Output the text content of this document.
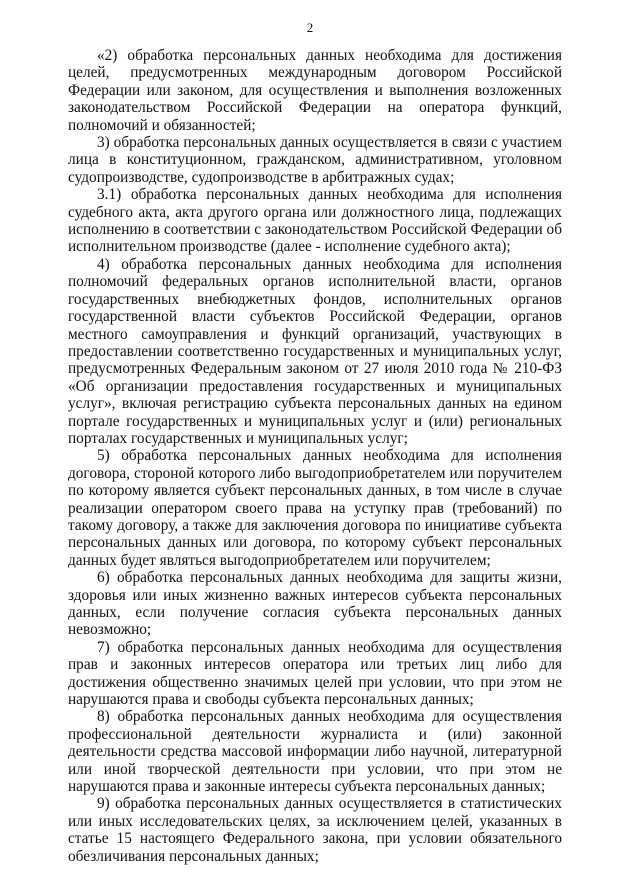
2

«2) обработка персональных данных необходима для достижения целей, предусмотренных международным договором Российской Федерации или законом, для осуществления и выполнения возложенных законодательством Российской Федерации на оператора функций, полномочий и обязанностей;

3) обработка персональных данных осуществляется в связи с участием лица в конституционном, гражданском, административном, уголовном судопроизводстве, судопроизводстве в арбитражных судах;

3.1) обработка персональных данных необходима для исполнения судебного акта, акта другого органа или должностного лица, подлежащих исполнению в соответствии с законодательством Российской Федерации об исполнительном производстве (далее - исполнение судебного акта);

4) обработка персональных данных необходима для исполнения полномочий федеральных органов исполнительной власти, органов государственных внебюджетных фондов, исполнительных органов государственной власти субъектов Российской Федерации, органов местного самоуправления и функций организаций, участвующих в предоставлении соответственно государственных и муниципальных услуг, предусмотренных Федеральным законом от 27 июля 2010 года № 210-ФЗ «Об организации предоставления государственных и муниципальных услуг», включая регистрацию субъекта персональных данных на едином портале государственных и муниципальных услуг и (или) региональных порталах государственных и муниципальных услуг;

5) обработка персональных данных необходима для исполнения договора, стороной которого либо выгодоприобретателем или поручителем по которому является субъект персональных данных, в том числе в случае реализации оператором своего права на уступку прав (требований) по такому договору, а также для заключения договора по инициативе субъекта персональных данных или договора, по которому субъект персональных данных будет являться выгодоприобретателем или поручителем;

6) обработка персональных данных необходима для защиты жизни, здоровья или иных жизненно важных интересов субъекта персональных данных, если получение согласия субъекта персональных данных невозможно;

7) обработка персональных данных необходима для осуществления прав и законных интересов оператора или третьих лиц либо для достижения общественно значимых целей при условии, что при этом не нарушаются права и свободы субъекта персональных данных;

8) обработка персональных данных необходима для осуществления профессиональной деятельности журналиста и (или) законной деятельности средства массовой информации либо научной, литературной или иной творческой деятельности при условии, что при этом не нарушаются права и законные интересы субъекта персональных данных;

9) обработка персональных данных осуществляется в статистических или иных исследовательских целях, за исключением целей, указанных в статье 15 настоящего Федерального закона, при условии обязательного обезличивания персональных данных;
